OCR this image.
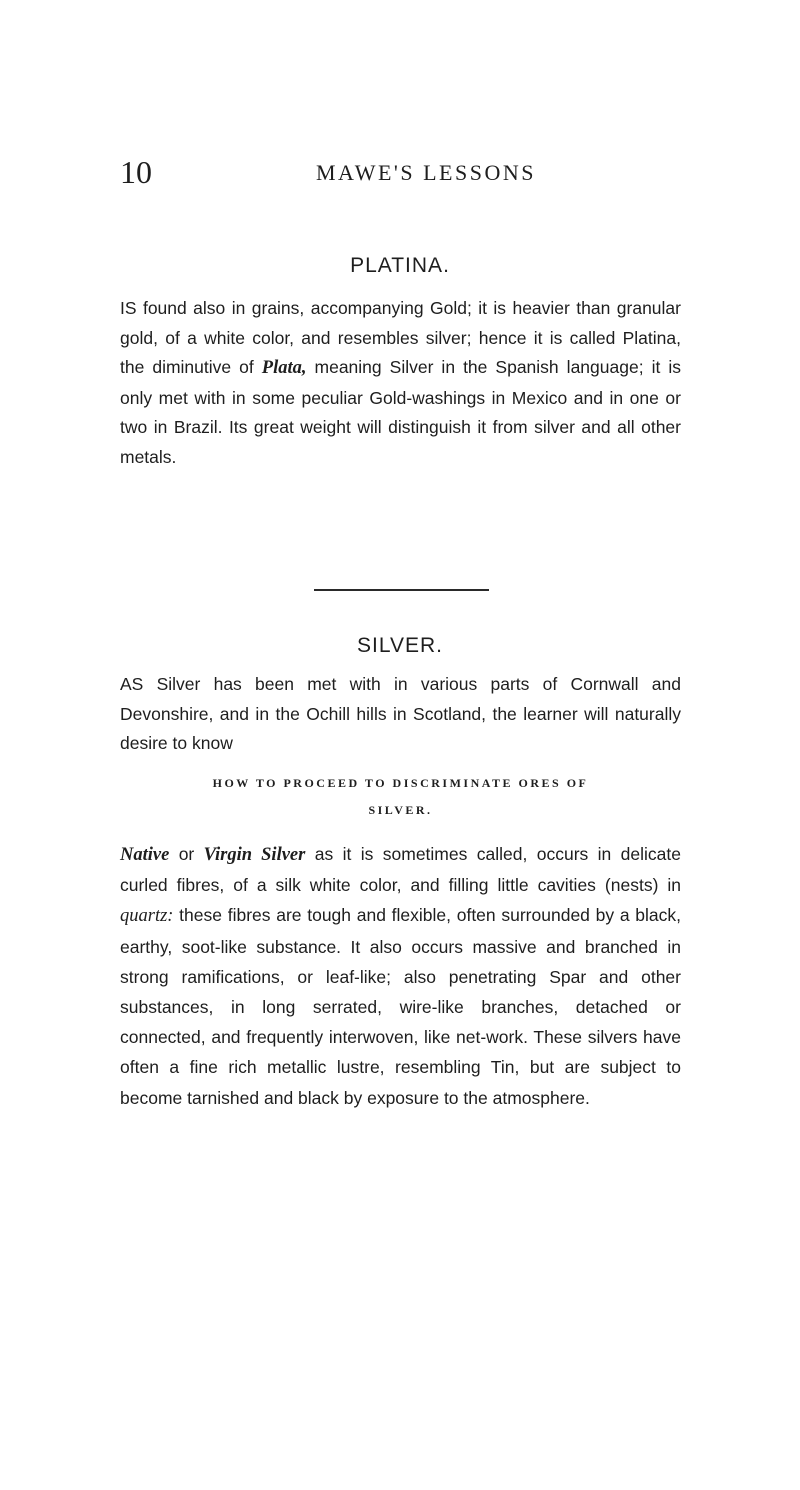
10	MAWE'S LESSONS
PLATINA.
IS found also in grains, accompanying Gold; it is heavier than granular gold, of a white color, and resembles silver; hence it is called Platina, the diminutive of Plata, meaning Silver in the Spanish language; it is only met with in some peculiar Gold-washings in Mexico and in one or two in Brazil. Its great weight will distinguish it from silver and all other metals.
SILVER.
AS Silver has been met with in various parts of Cornwall and Devonshire, and in the Ochill hills in Scotland, the learner will naturally desire to know
HOW TO PROCEED TO DISCRIMINATE ORES OF
SILVER.
Native or Virgin Silver as it is sometimes called, occurs in delicate curled fibres, of a silk white color, and filling little cavities (nests) in quartz: these fibres are tough and flexible, often surrounded by a black, earthy, soot-like substance. It also occurs massive and branched in strong ramifications, or leaf-like; also penetrating Spar and other substances, in long serrated, wire-like branches, detached or connected, and frequently interwoven, like net-work. These silvers have often a fine rich metallic lustre, resembling Tin, but are subject to become tarnished and black by exposure to the atmosphere.
